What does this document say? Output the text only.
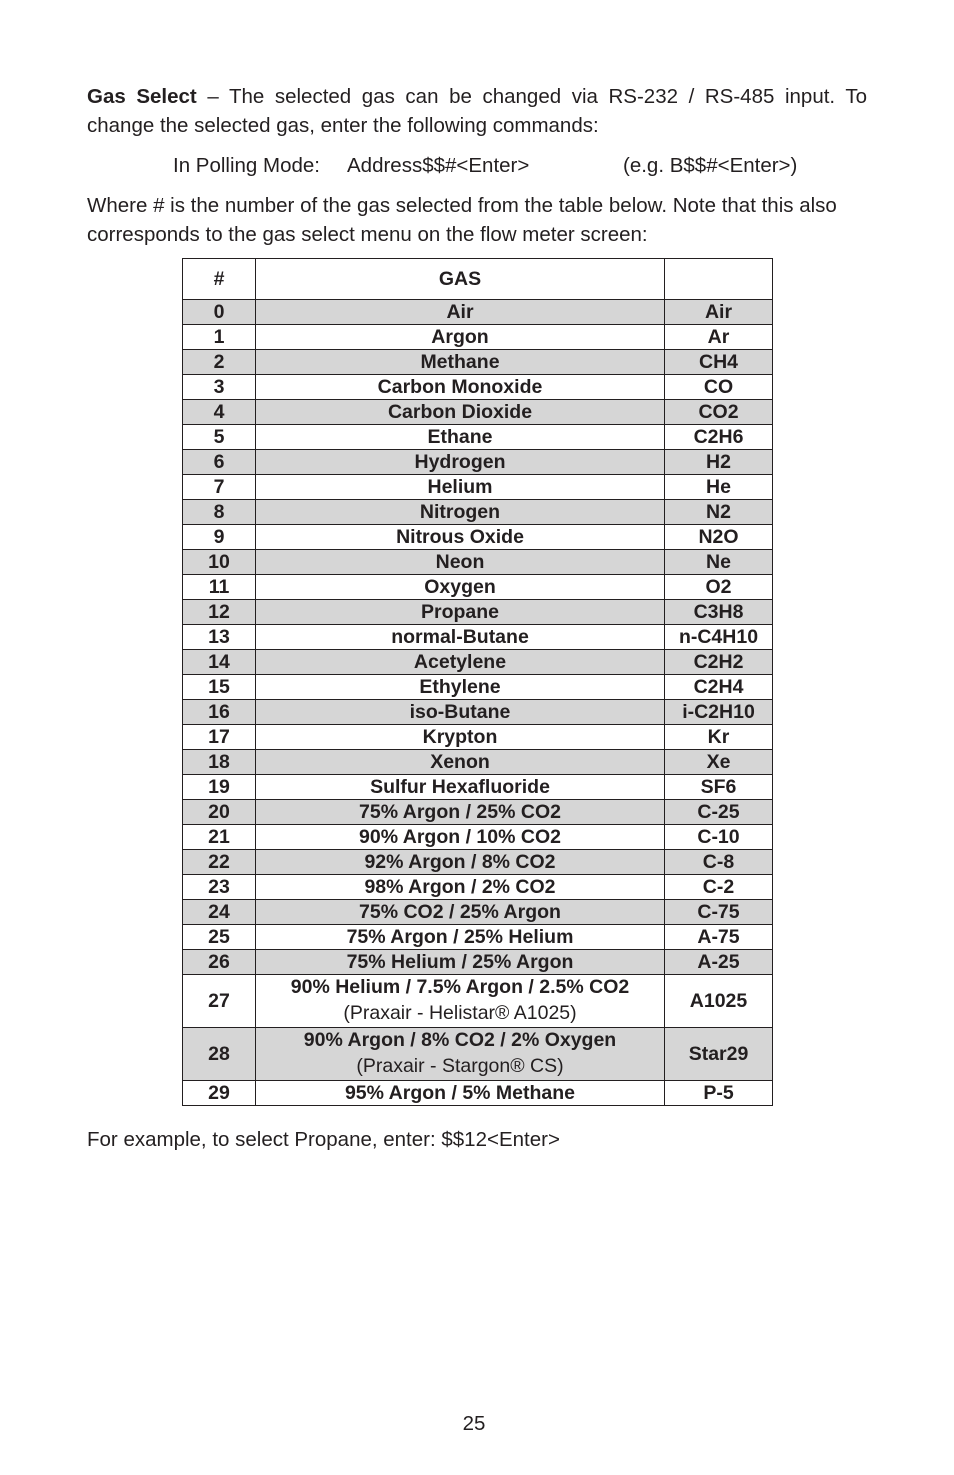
Gas Select – The selected gas can be changed via RS-232 / RS-485 input. To change the selected gas, enter the following commands:

In Polling Mode: Address$$#<Enter>	(e.g. B$$#<Enter>)

Where # is the number of the gas selected from the table below. Note that this also corresponds to the gas select menu on the flow meter screen:

#	GAS	
0	Air	Air
1	Argon	Ar
2	Methane	CH4
3	Carbon Monoxide	CO
4	Carbon Dioxide	CO2
5	Ethane	C2H6
6	Hydrogen	H2
7	Helium	He
8	Nitrogen	N2
9	Nitrous Oxide	N2O
10	Neon	Ne
11	Oxygen	O2
12	Propane	C3H8
13	normal-Butane	n-C4H10
14	Acetylene	C2H2
15	Ethylene	C2H4
16	iso-Butane	i-C2H10
17	Krypton	Kr
18	Xenon	Xe
19	Sulfur Hexafluoride	SF6
20	75% Argon / 25% CO2	C-25
21	90% Argon / 10% CO2	C-10
22	92% Argon / 8% CO2	C-8
23	98% Argon / 2% CO2	C-2
24	75% CO2 / 25% Argon	C-75
25	75% Argon / 25% Helium	A-75
26	75% Helium / 25% Argon	A-25
27	90% Helium / 7.5% Argon / 2.5% CO2
(Praxair - Helistar® A1025)	A1025
28	90% Argon / 8% CO2 / 2% Oxygen
(Praxair - Stargon® CS)	Star29
29	95% Argon / 5% Methane	P-5

For example, to select Propane, enter: $$12<Enter>

25
